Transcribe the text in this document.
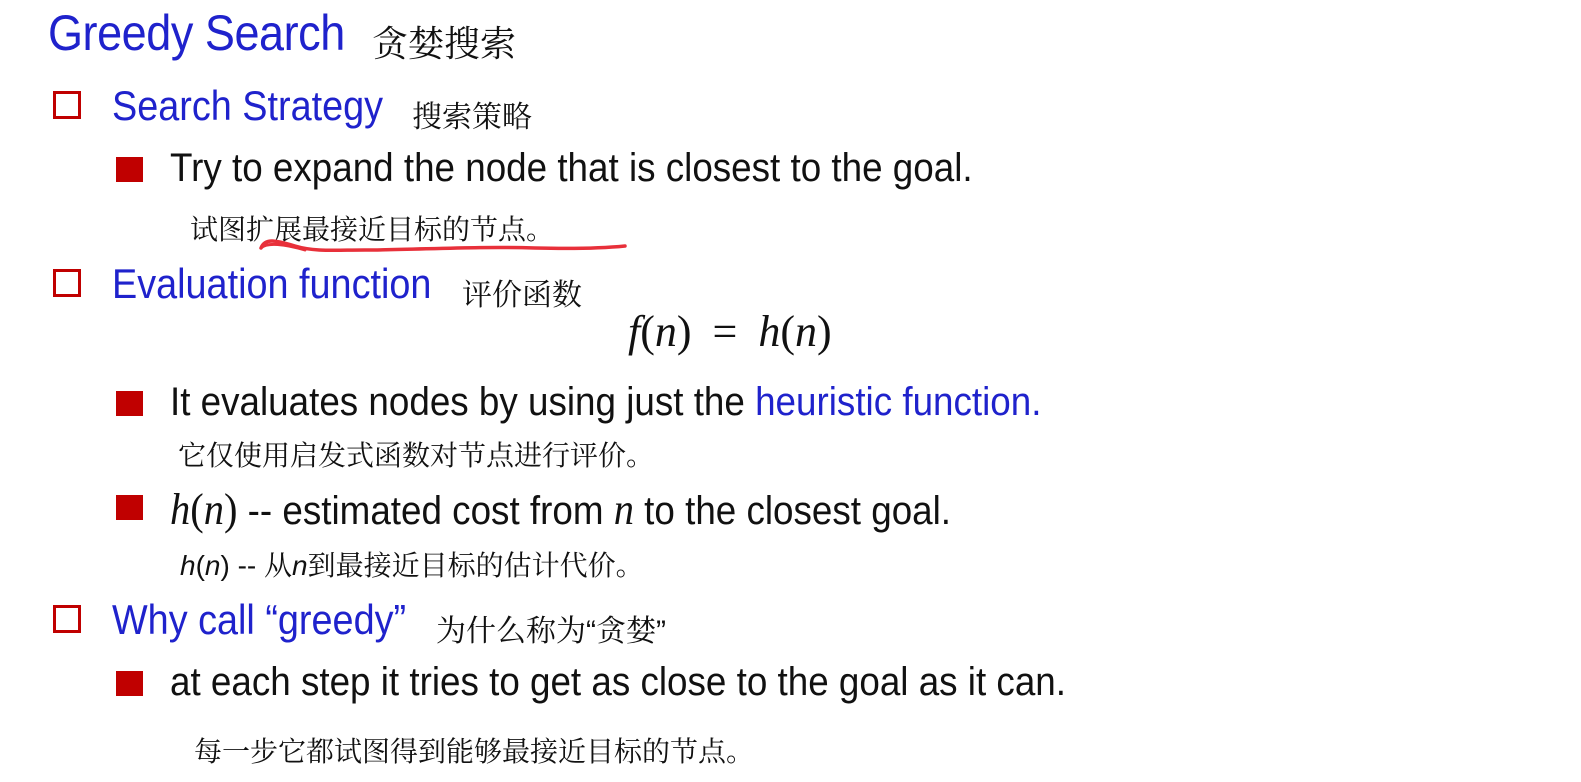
Greedy Search 贪婪搜索
Search Strategy 搜索策略
Try to expand the node that is closest to the goal.
试图扩展最接近目标的节点。
Evaluation function 评价函数
f(n) = h(n)
It evaluates nodes by using just the heuristic function.
它仅使用启发式函数对节点进行评价。
h(n) -- estimated cost from n to the closest goal.
h(n) -- 从n到最接近目标的估计代价。
Why call “greedy” 为什么称为“贪婪”
at each step it tries to get as close to the goal as it can.
每一步它都试图得到能够最接近目标的节点。
